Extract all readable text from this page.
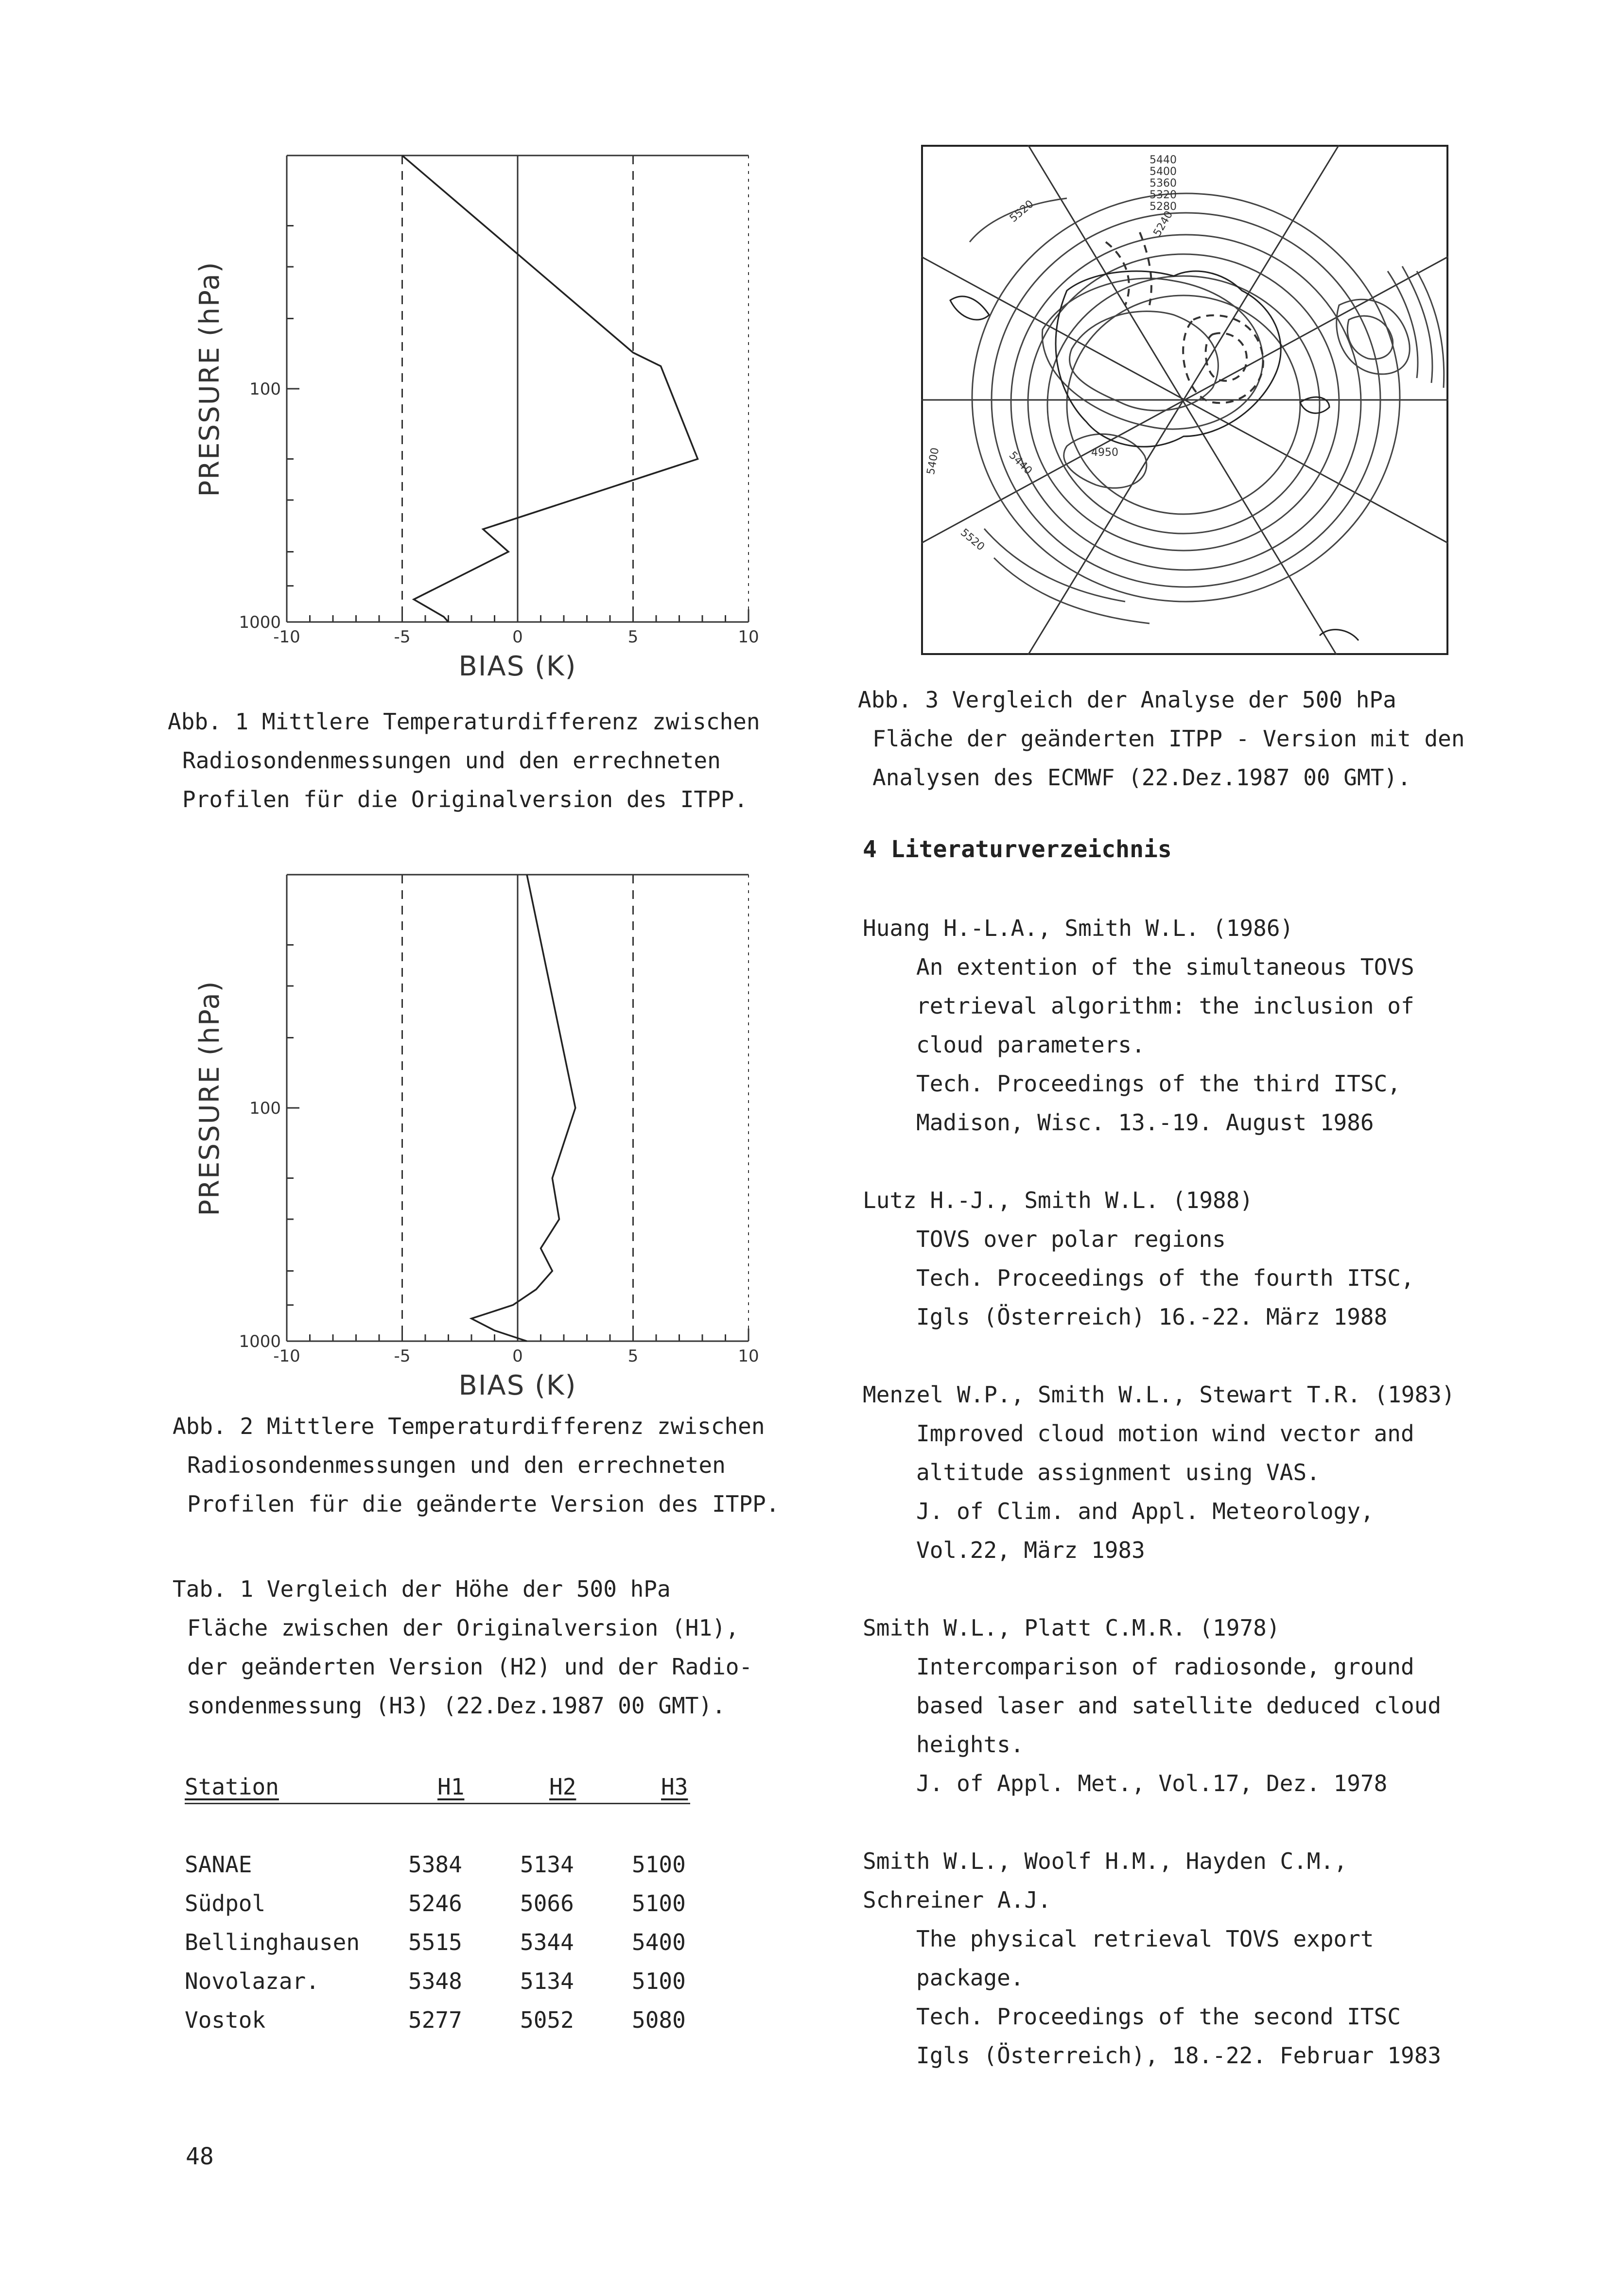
-10	-5	0	5	10
100
1000
BIAS (K)
PRESSURE (hPa)
Abb. 1 Mittlere Temperaturdifferenz zwischen
Radiosondenmessungen und den errechneten
Profilen für die Originalversion des ITPP.
-10	-5	0	5	10
100
1000
BIAS (K)
PRESSURE (hPa)
Abb. 2 Mittlere Temperaturdifferenz zwischen
Radiosondenmessungen und den errechneten
Profilen für die geänderte Version des ITPP.
Tab. 1 Vergleich der Höhe der 500 hPa
Fläche zwischen der Originalversion (H1),
der geänderten Version (H2) und der Radio-
sondenmessung (H3) (22.Dez.1987 00 GMT).
Station	H1	H2	H3
SANAE	5384	5134	5100
Südpol	5246	5066	5100
Bellinghausen 5515	5344	5400
Novolazar.	5348	5134	5100
Vostok	5277	5052	5080
5440
5520
5400
5360
5320
5280
5240
4950
5400	5440
5520
Abb. 3 Vergleich der Analyse der 500 hPa
Fläche der geänderten ITPP - Version mit den
Analysen des ECMWF (22.Dez.1987 00 GMT).
4 Literaturverzeichnis
Huang H.-L.A., Smith W.L. (1986)
An extention of the simultaneous TOVS
retrieval algorithm: the inclusion of
cloud parameters.
Tech. Proceedings of the third ITSC,
Madison, Wisc. 13.-19. August 1986
Lutz H.-J., Smith W.L. (1988)
TOVS over polar regions
Tech. Proceedings of the fourth ITSC,
Igls (Österreich) 16.-22. März 1988
Menzel W.P., Smith W.L., Stewart T.R. (1983)
Improved cloud motion wind vector and
altitude assignment using VAS.
J. of Clim. and Appl. Meteorology,
Vol.22, März 1983
Smith W.L., Platt C.M.R. (1978)
Intercomparison of radiosonde, ground
based laser and satellite deduced cloud
heights.
J. of Appl. Met., Vol.17, Dez. 1978
Smith W.L., Woolf H.M., Hayden C.M.,
Schreiner A.J.
The physical retrieval TOVS export
package.
Tech. Proceedings of the second ITSC
Igls (Österreich), 18.-22. Februar 1983
48
